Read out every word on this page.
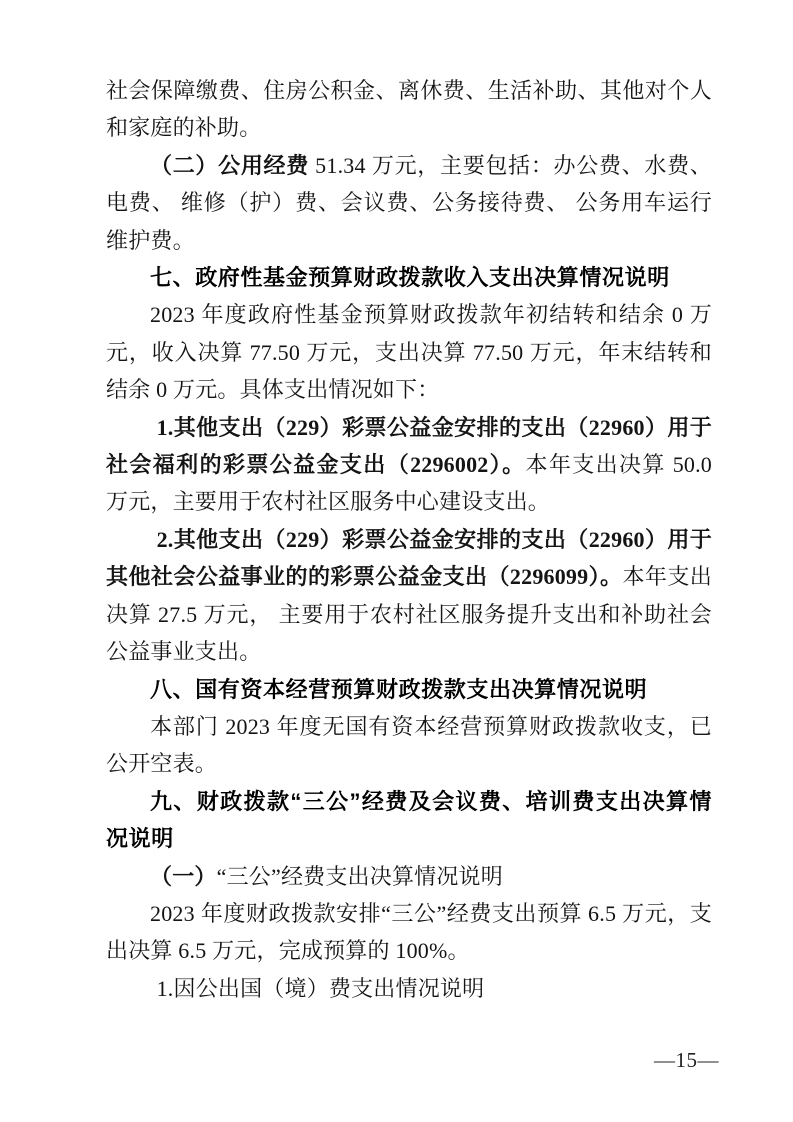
社会保障缴费、住房公积金、离休费、生活补助、其他对个人和家庭的补助。

（二）公用经费 51.34 万元，主要包括：办公费、水费、电费、 维修（护）费、会议费、公务接待费、 公务用车运行维护费。

七、政府性基金预算财政拨款收入支出决算情况说明

2023 年度政府性基金预算财政拨款年初结转和结余 0 万元，收入决算 77.50 万元，支出决算 77.50 万元，年末结转和结余 0 万元。具体支出情况如下：

1.其他支出（229）彩票公益金安排的支出（22960）用于社会福利的彩票公益金支出（2296002）。本年支出决算 50.0 万元，主要用于农村社区服务中心建设支出。

2.其他支出（229）彩票公益金安排的支出（22960）用于其他社会公益事业的的彩票公益金支出（2296099）。本年支出决算 27.5 万元， 主要用于农村社区服务提升支出和补助社会公益事业支出。

八、国有资本经营预算财政拨款支出决算情况说明

本部门 2023 年度无国有资本经营预算财政拨款收支，已公开空表。

九、财政拨款“三公”经费及会议费、培训费支出决算情况说明

（一）“三公”经费支出决算情况说明

2023 年度财政拨款安排“三公”经费支出预算 6.5 万元，支出决算 6.5 万元，完成预算的 100%。

1.因公出国（境）费支出情况说明

—15—
